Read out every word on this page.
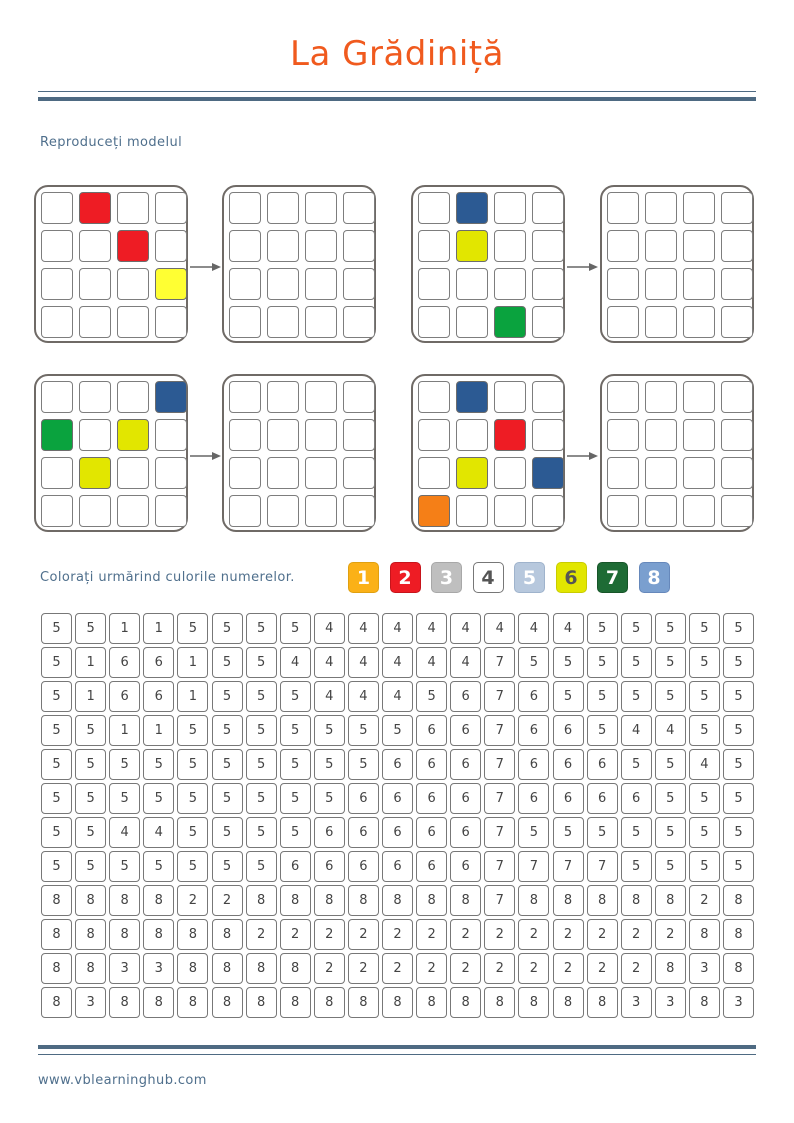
La Grădiniță
Reproduceți modelul
Colorați urmărind culorile numerelor.	1	2	3	4	5	6	7	8
5	5	1	1	5	5	5	5	4	4	4	4	4	4	4	4	5	5	5	5	5
5	1	6	6	1	5	5	4	4	4	4	4	4	7	5	5	5	5	5	5	5
5	1	6	6	1	5	5	5	4	4	4	5	6	7	6	5	5	5	5	5	5
5	5	1	1	5	5	5	5	5	5	5	6	6	7	6	6	5	4	4	5	5
5	5	5	5	5	5	5	5	5	5	6	6	6	7	6	6	6	5	5	4	5
5	5	5	5	5	5	5	5	5	6	6	6	6	7	6	6	6	6	5	5	5
5	5	4	4	5	5	5	5	6	6	6	6	6	7	5	5	5	5	5	5	5
5	5	5	5	5	5	5	6	6	6	6	6	6	7	7	7	7	5	5	5	5
8	8	8	8	2	2	8	8	8	8	8	8	8	7	8	8	8	8	8	2	8
8	8	8	8	8	8	2	2	2	2	2	2	2	2	2	2	2	2	2	8	8
8	8	3	3	8	8	8	8	2	2	2	2	2	2	2	2	2	2	8	3	8
8	3	8	8	8	8	8	8	8	8	8	8	8	8	8	8	8	3	3	8	3
www.vblearninghub.com
